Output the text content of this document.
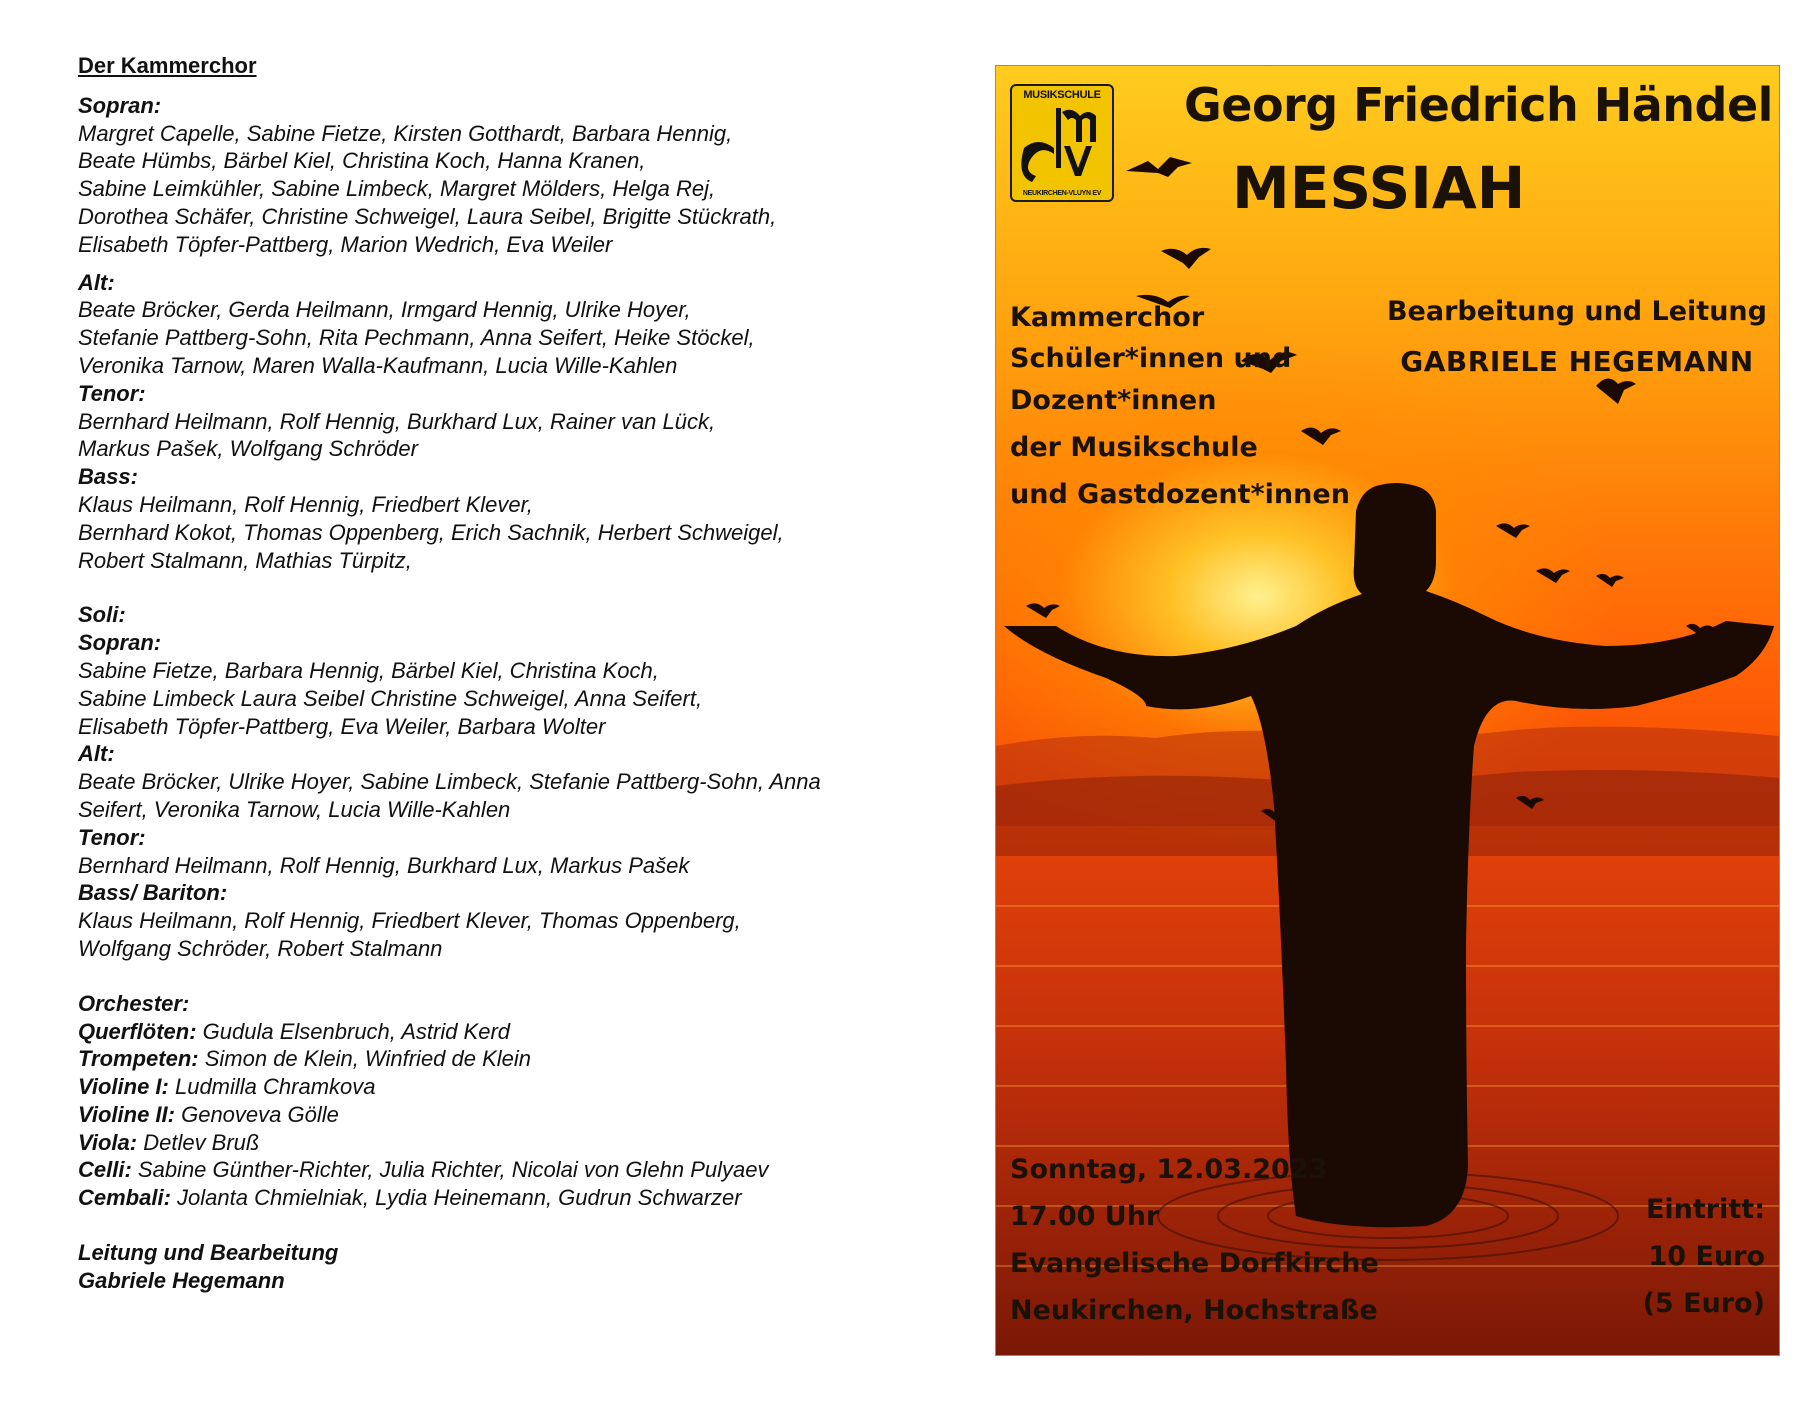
Der Kammerchor
Sopran:
Margret Capelle, Sabine Fietze, Kirsten Gotthardt, Barbara Hennig,
Beate Hümbs, Bärbel Kiel, Christina Koch, Hanna Kranen,
Sabine Leimkühler, Sabine Limbeck, Margret Mölders, Helga Rej,
Dorothea Schäfer, Christine Schweigel, Laura Seibel, Brigitte Stückrath,
Elisabeth Töpfer-Pattberg, Marion Wedrich, Eva Weiler
Alt:
Beate Bröcker, Gerda Heilmann, Irmgard Hennig, Ulrike Hoyer,
Stefanie Pattberg-Sohn, Rita Pechmann, Anna Seifert, Heike Stöckel,
Veronika Tarnow, Maren Walla-Kaufmann, Lucia Wille-Kahlen
Tenor:
Bernhard Heilmann, Rolf Hennig, Burkhard Lux, Rainer van Lück,
Markus Pašek, Wolfgang Schröder
Bass:
Klaus Heilmann, Rolf Hennig, Friedbert Klever,
Bernhard Kokot, Thomas Oppenberg, Erich Sachnik, Herbert Schweigel,
Robert Stalmann, Mathias Türpitz,
Soli:
Sopran:
Sabine Fietze, Barbara Hennig, Bärbel Kiel, Christina Koch,
Sabine Limbeck Laura Seibel Christine Schweigel, Anna Seifert,
Elisabeth Töpfer-Pattberg, Eva Weiler, Barbara Wolter
Alt:
Beate Bröcker, Ulrike Hoyer, Sabine Limbeck, Stefanie Pattberg-Sohn, Anna
Seifert, Veronika Tarnow, Lucia Wille-Kahlen
Tenor:
Bernhard Heilmann, Rolf Hennig, Burkhard Lux, Markus Pašek
Bass/ Bariton:
Klaus Heilmann, Rolf Hennig, Friedbert Klever, Thomas Oppenberg,
Wolfgang Schröder, Robert Stalmann
Orchester:
Querflöten: Gudula Elsenbruch, Astrid Kerd
Trompeten: Simon de Klein, Winfried de Klein
Violine I: Ludmilla Chramkova
Violine II: Genoveva Gölle
Viola: Detlev Bruß
Celli: Sabine Günther-Richter, Julia Richter, Nicolai von Glehn Pulyaev
Cembali: Jolanta Chmielniak, Lydia Heinemann, Gudrun Schwarzer
Leitung und Bearbeitung
Gabriele Hegemann
MUSIKSCHULE
NEUKIRCHEN-VLUYN EV
Georg Friedrich Händel
MESSIAH
Kammerchor
Schüler*innen und
Dozent*innen
der Musikschule
und Gastdozent*innen
Bearbeitung und Leitung
GABRIELE HEGEMANN
Sonntag, 12.03.2023
17.00 Uhr
Evangelische Dorfkirche
Neukirchen, Hochstraße
Eintritt:
10 Euro
(5 Euro)
